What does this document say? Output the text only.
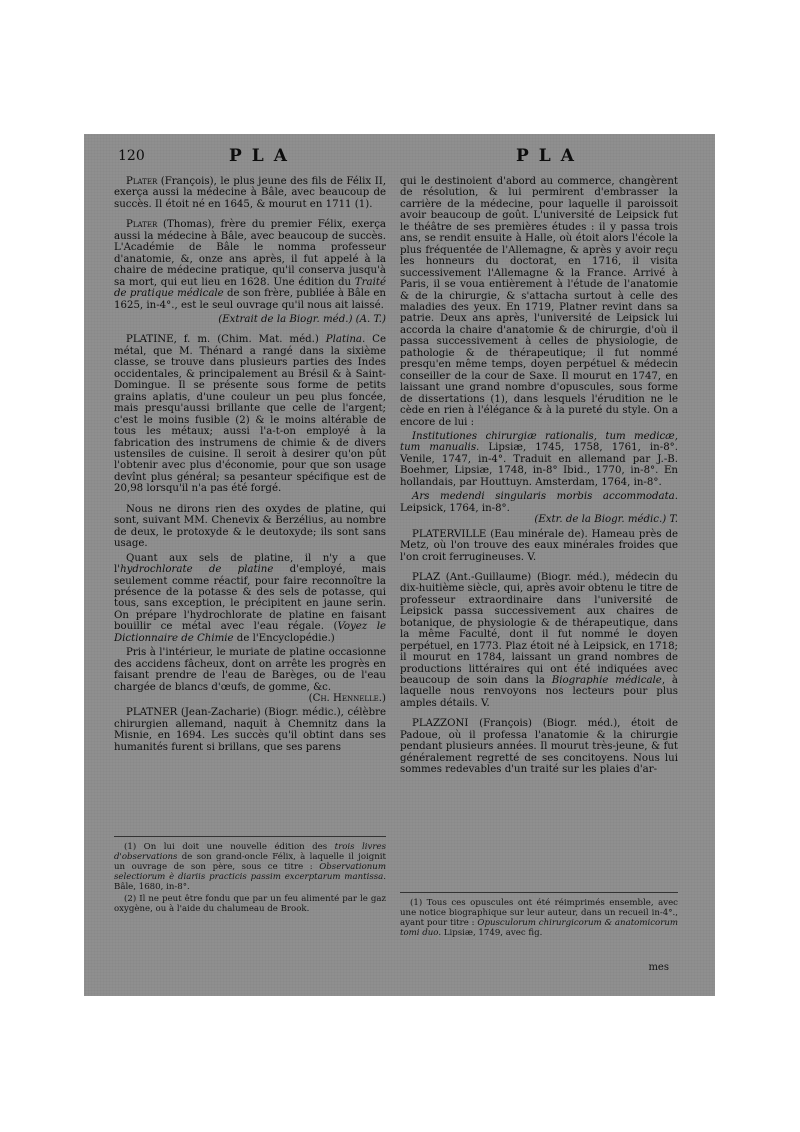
120	PLA	PLA

Plater (François), le plus jeune des fils de Félix II, exerça aussi la médecine à Bâle, avec beaucoup de succès. Il étoit né en 1645, & mourut en 1711 (1).

Plater (Thomas), frère du premier Félix, exerça aussi la médecine à Bâle, avec beaucoup de succès. L'Académie de Bâle le nomma professeur d'anatomie, &, onze ans après, il fut appelé à la chaire de médecine pratique, qu'il conserva jusqu'à sa mort, qui eut lieu en 1628. Une édition du Traité de pratique médicale de son frère, publiée à Bâle en 1625, in-4°., est le seul ouvrage qu'il nous ait laissé.

(Extrait de la Biogr. méd.) (A. T.)

PLATINE, f. m. (Chim. Mat. méd.) Platina. Ce métal, que M. Thénard a rangé dans la sixième classe, se trouve dans plusieurs parties des Indes occidentales, & principalement au Brésil & à Saint-Domingue. Il se présente sous forme de petits grains aplatis, d'une couleur un peu plus foncée, mais presqu'aussi brillante que celle de l'argent; c'est le moins fusible (2) & le moins altérable de tous les métaux; aussi l'a-t-on employé à la fabrication des instrumens de chimie & de divers ustensiles de cuisine. Il seroit à desirer qu'on pût l'obtenir avec plus d'économie, pour que son usage devînt plus général; sa pesanteur spécifique est de 20,98 lorsqu'il n'a pas été forgé.

Nous ne dirons rien des oxydes de platine, qui sont, suivant MM. Chenevix & Berzélius, au nombre de deux, le protoxyde & le deutoxyde; ils sont sans usage.

Quant aux sels de platine, il n'y a que l'hydrochlorate de platine d'employé, mais seulement comme réactif, pour faire reconnoître la présence de la potasse & des sels de potasse, qui tous, sans exception, le précipitent en jaune serin. On prépare l'hydrochlorate de platine en faisant bouillir ce métal avec l'eau régale. (Voyez le Dictionnaire de Chimie de l'Encyclopédie.)

Pris à l'intérieur, le muriate de platine occasionne des accidens fâcheux, dont on arrête les progrès en faisant prendre de l'eau de Barèges, ou de l'eau chargée de blancs d'œufs, de gomme, &c.
(Ch. Hennelle.)

PLATNER (Jean-Zacharie) (Biogr. médic.), célèbre chirurgien allemand, naquit à Chemnitz dans la Misnie, en 1694. Les succès qu'il obtint dans ses humanités furent si brillans, que ses parens

qui le destinoient d'abord au commerce, changèrent de résolution, & lui permirent d'embrasser la carrière de la médecine, pour laquelle il paroissoit avoir beaucoup de goût. L'université de Leipsick fut le théâtre de ses premières études : il y passa trois ans, se rendit ensuite à Halle, où étoit alors l'école la plus fréquentée de l'Allemagne, & après y avoir reçu les honneurs du doctorat, en 1716, il visita successivement l'Allemagne & la France. Arrivé à Paris, il se voua entièrement à l'étude de l'anatomie & de la chirurgie, & s'attacha surtout à celle des maladies des yeux. En 1719, Platner revint dans sa patrie. Deux ans après, l'université de Leipsick lui accorda la chaire d'anatomie & de chirurgie, d'où il passa successivement à celles de physiologie, de pathologie & de thérapeutique; il fut nommé presqu'en même temps, doyen perpétuel & médecin conseiller de la cour de Saxe. Il mourut en 1747, en laissant une grand nombre d'opuscules, sous forme de dissertations (1), dans lesquels l'érudition ne le cède en rien à l'élégance & à la pureté du style. On a encore de lui :

Institutiones chirurgiæ rationalis, tum medicæ, tum manualis. Lipsiæ, 1745, 1758, 1761, in-8°. Venile, 1747, in-4°. Traduit en allemand par J.-B. Boehmer, Lipsiæ, 1748, in-8° Ibid., 1770, in-8°. En hollandais, par Houttuyn. Amsterdam, 1764, in-8°.

Ars medendi singularis morbis accommodata. Leipsick, 1764, in-8°.
(Extr. de la Biogr. médic.) T.

PLATERVILLE (Eau minérale de). Hameau près de Metz, où l'on trouve des eaux minérales froides que l'on croit ferrugineuses. V.

PLAZ (Ant.-Guillaume) (Biogr. méd.), médecin du dix-huitième siècle, qui, après avoir obtenu le titre de professeur extraordinaire dans l'université de Leipsick passa successivement aux chaires de botanique, de physiologie & de thérapeutique, dans la même Faculté, dont il fut nommé le doyen perpétuel, en 1773. Plaz étoit né à Leipsick, en 1718; il mourut en 1784, laissant un grand nombres de productions littéraires qui ont été indiquées avec beaucoup de soin dans la Biographie médicale, à laquelle nous renvoyons nos lecteurs pour plus amples détails. V.

PLAZZONI (François) (Biogr. méd.), étoit de Padoue, où il professa l'anatomie & la chirurgie pendant plusieurs années. Il mourut très-jeune, & fut généralement regretté de ses concitoyens. Nous lui sommes redevables d'un traité sur les plaies d'ar-

(1) On lui doit une nouvelle édition des trois livres d'observations de son grand-oncle Félix, à laquelle il joignit un ouvrage de son père, sous ce titre : Observationum selectiorum è diariis practicis passim excerptarum mantissa. Bâle, 1680, in-8°.

(2) Il ne peut être fondu que par un feu alimenté par le gaz oxygène, ou à l'aide du chalumeau de Brook.

(1) Tous ces opuscules ont été réimprimés ensemble, avec une notice biographique sur leur auteur, dans un recueil in-4°., ayant pour titre : Opusculorum chirurgicorum & anatomicorum tomi duo. Lipsiæ, 1749, avec fig.

mes
